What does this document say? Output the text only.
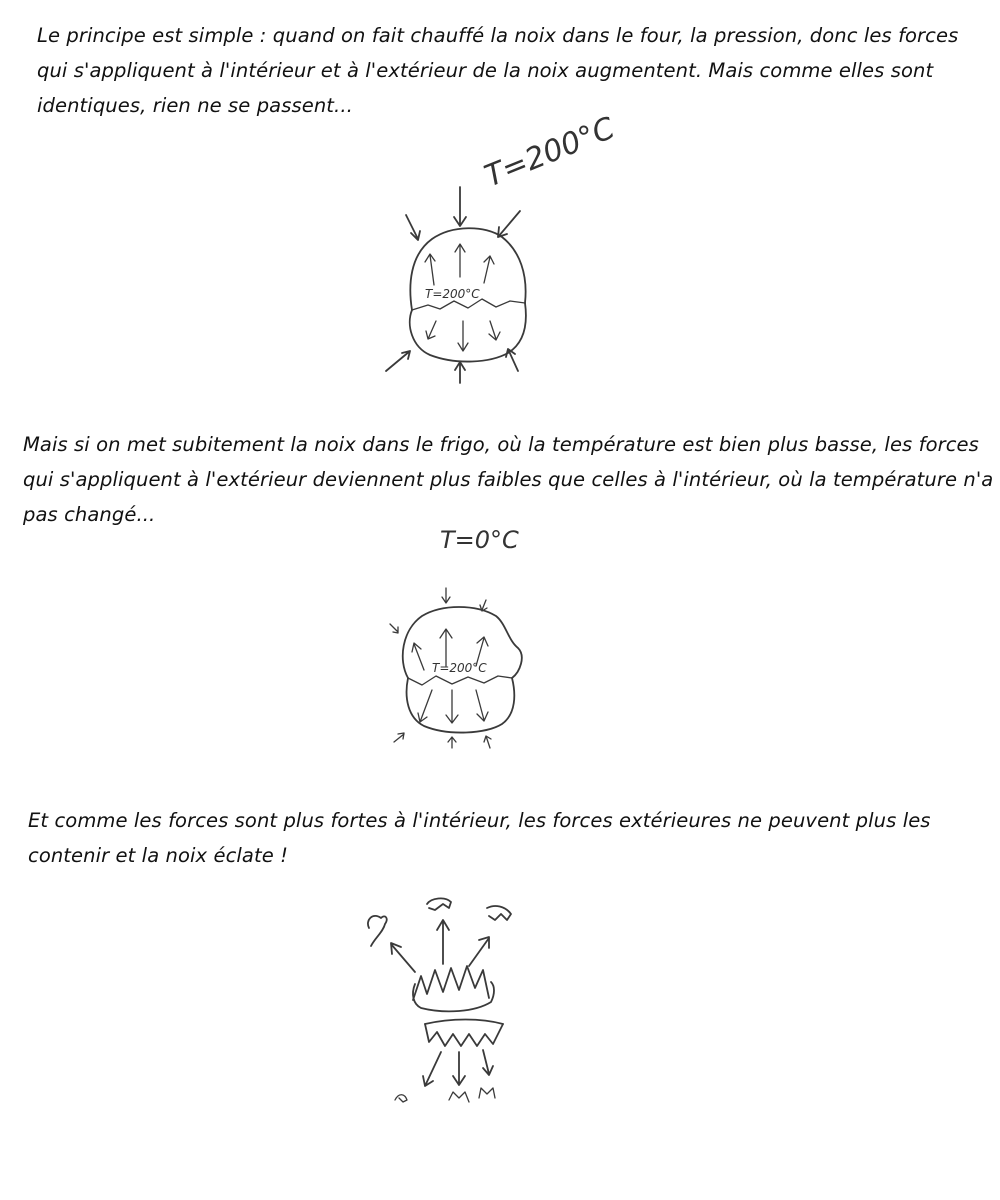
Le principe est simple : quand on fait chauffé la noix dans le four, la pression, donc les forces qui s'appliquent à l'intérieur et à l'extérieur de la noix augmentent. Mais comme elles sont identiques, rien ne se passent...
T=200°C
T=200°C
Mais si on met subitement la noix dans le frigo, où la température est bien plus basse, les forces qui s'appliquent à l'extérieur deviennent plus faibles que celles à l'intérieur, où la température n'a pas changé...
T=0°C
T=200°C
Et comme les forces sont plus fortes à l'intérieur, les forces extérieures ne peuvent plus les contenir et la noix éclate !
